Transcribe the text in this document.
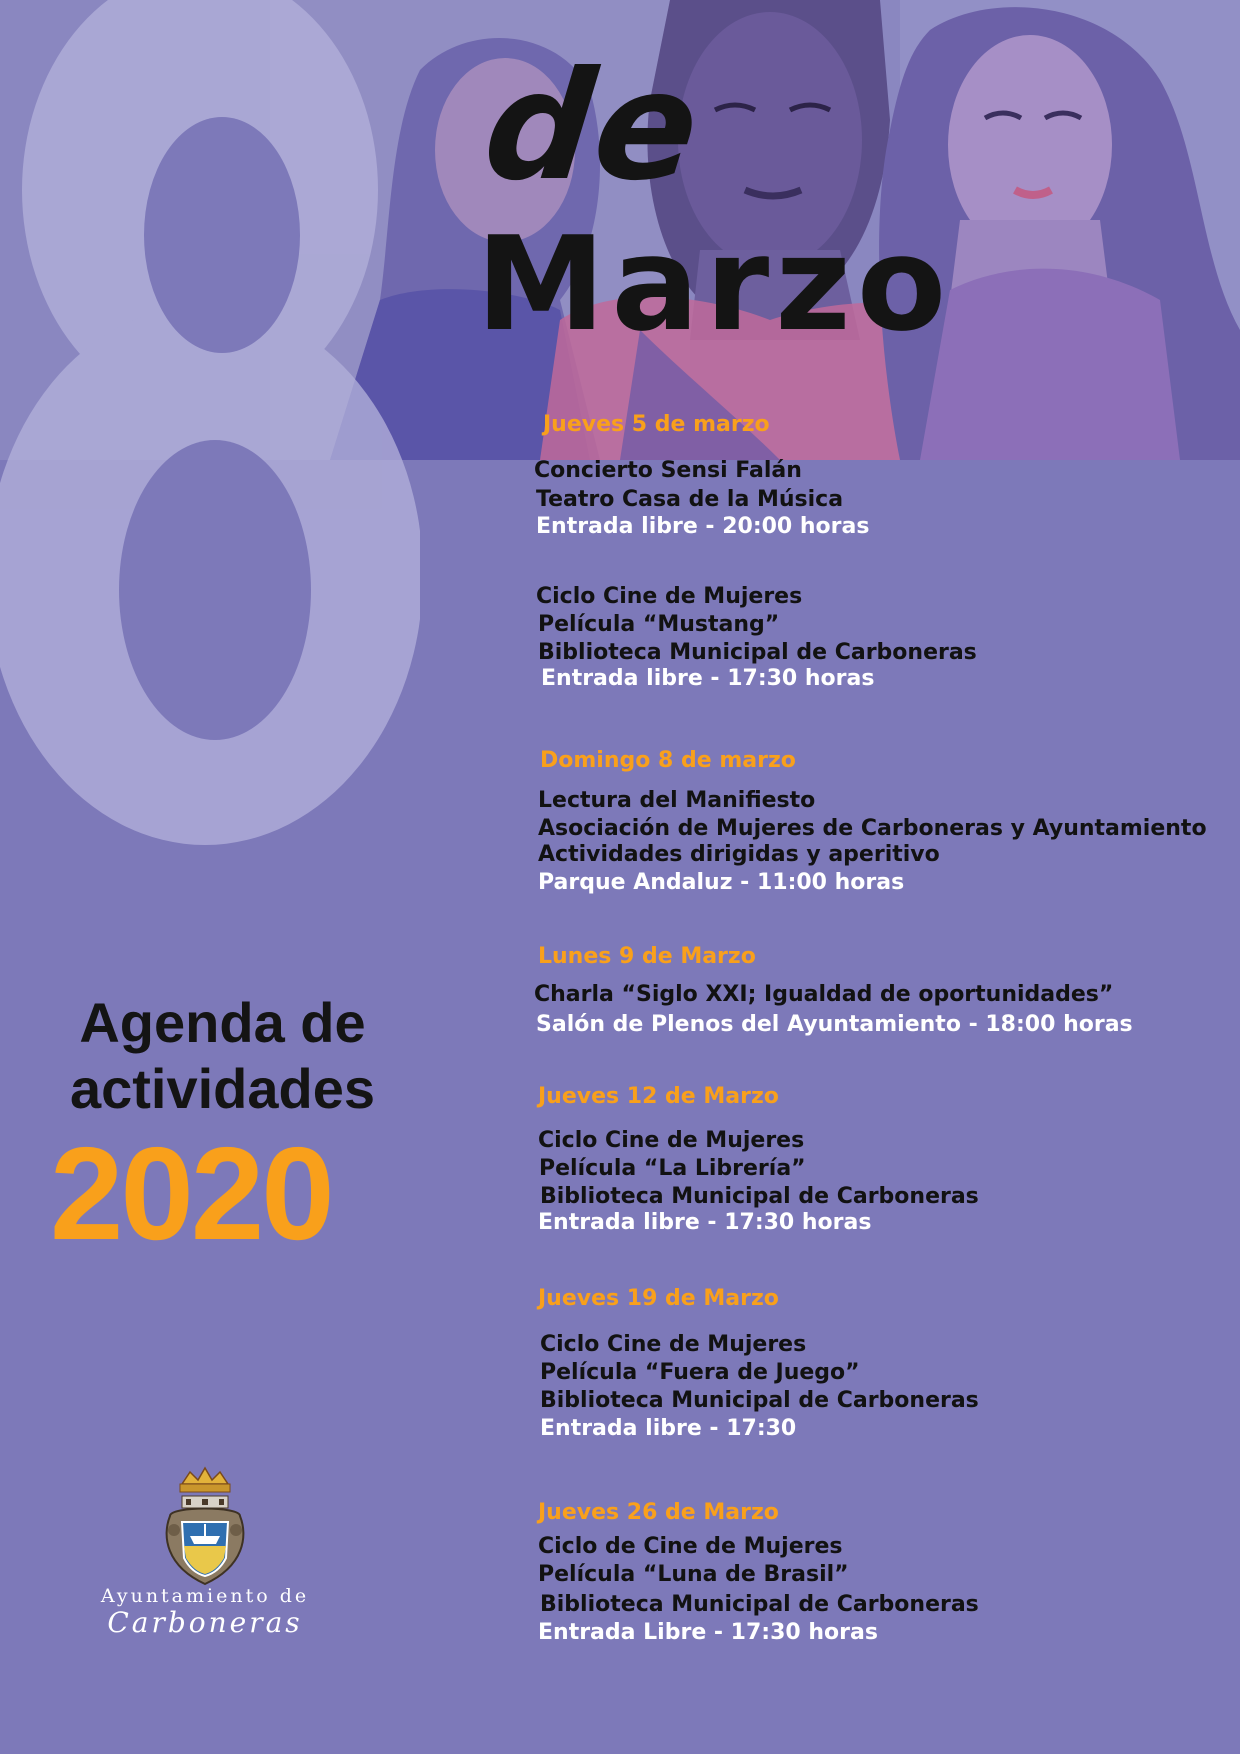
de
Marzo
Jueves 5 de marzo
Concierto Sensi Falán
Teatro Casa de la Música
Entrada libre - 20:00 horas
Ciclo Cine de Mujeres
Película “Mustang”
Biblioteca Municipal de Carboneras
Entrada libre - 17:30 horas
Domingo 8 de marzo
Lectura del Manifiesto
Asociación de Mujeres de Carboneras y Ayuntamiento
Actividades dirigidas y aperitivo
Parque Andaluz - 11:00 horas
Lunes 9 de Marzo
Charla “Siglo XXI; Igualdad de oportunidades”
Salón de Plenos del Ayuntamiento - 18:00 horas
Jueves 12 de Marzo
Ciclo Cine de Mujeres
Película “La Librería”
Biblioteca Municipal de Carboneras
Entrada libre - 17:30 horas
Jueves 19 de Marzo
Ciclo Cine de Mujeres
Película “Fuera de Juego”
Biblioteca Municipal de Carboneras
Entrada libre - 17:30
Jueves 26 de Marzo
Ciclo de Cine de Mujeres
Película “Luna de Brasil”
Biblioteca Municipal de Carboneras
Entrada Libre - 17:30 horas
Agenda de
actividades
2020
Ayuntamiento de
Carboneras
